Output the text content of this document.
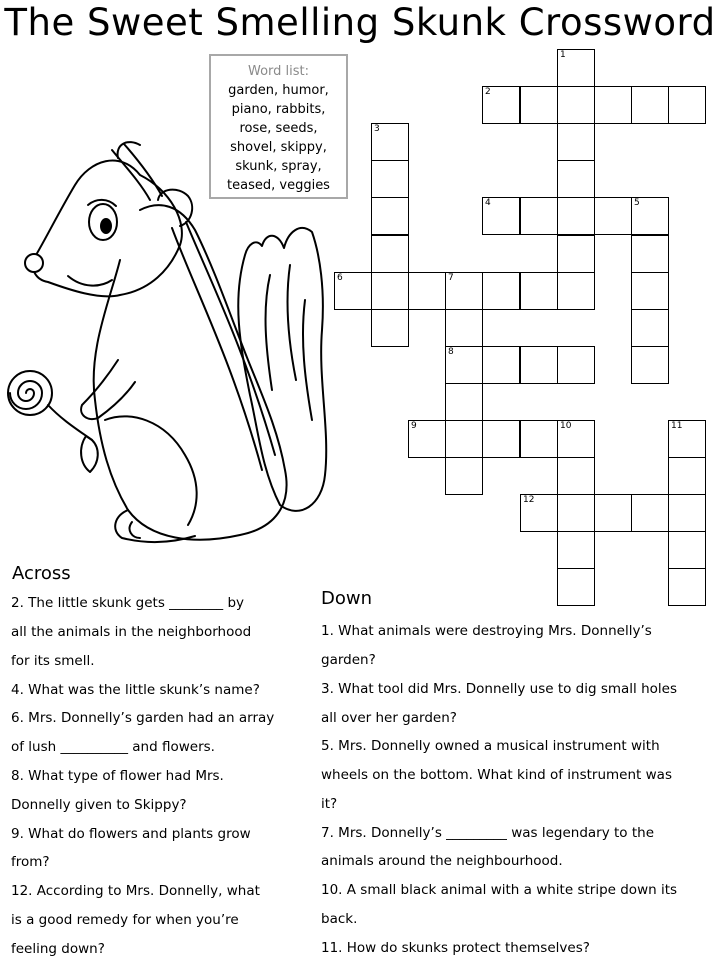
The Sweet Smelling Skunk Crossword
Word list:
garden, humor,
piano, rabbits,
rose, seeds,
shovel, skippy,
skunk, spray,
teased, veggies
1
2
3
4	5
6	7
8
9	10	11
12
Across
2. The little skunk gets ________ by
all the animals in the neighborhood
for its smell.
4. What was the little skunk’s name?
6. Mrs. Donnelly’s garden had an array
of lush __________ and flowers.
8. What type of flower had Mrs.
Donnelly given to Skippy?
9. What do flowers and plants grow
from?
12. According to Mrs. Donnelly, what
is a good remedy for when you’re
feeling down?
Down
1. What animals were destroying Mrs. Donnelly’s
garden?
3. What tool did Mrs. Donnelly use to dig small holes
all over her garden?
5. Mrs. Donnelly owned a musical instrument with
wheels on the bottom. What kind of instrument was
it?
7. Mrs. Donnelly’s _________ was legendary to the
animals around the neighbourhood.
10. A small black animal with a white stripe down its
back.
11. How do skunks protect themselves?
